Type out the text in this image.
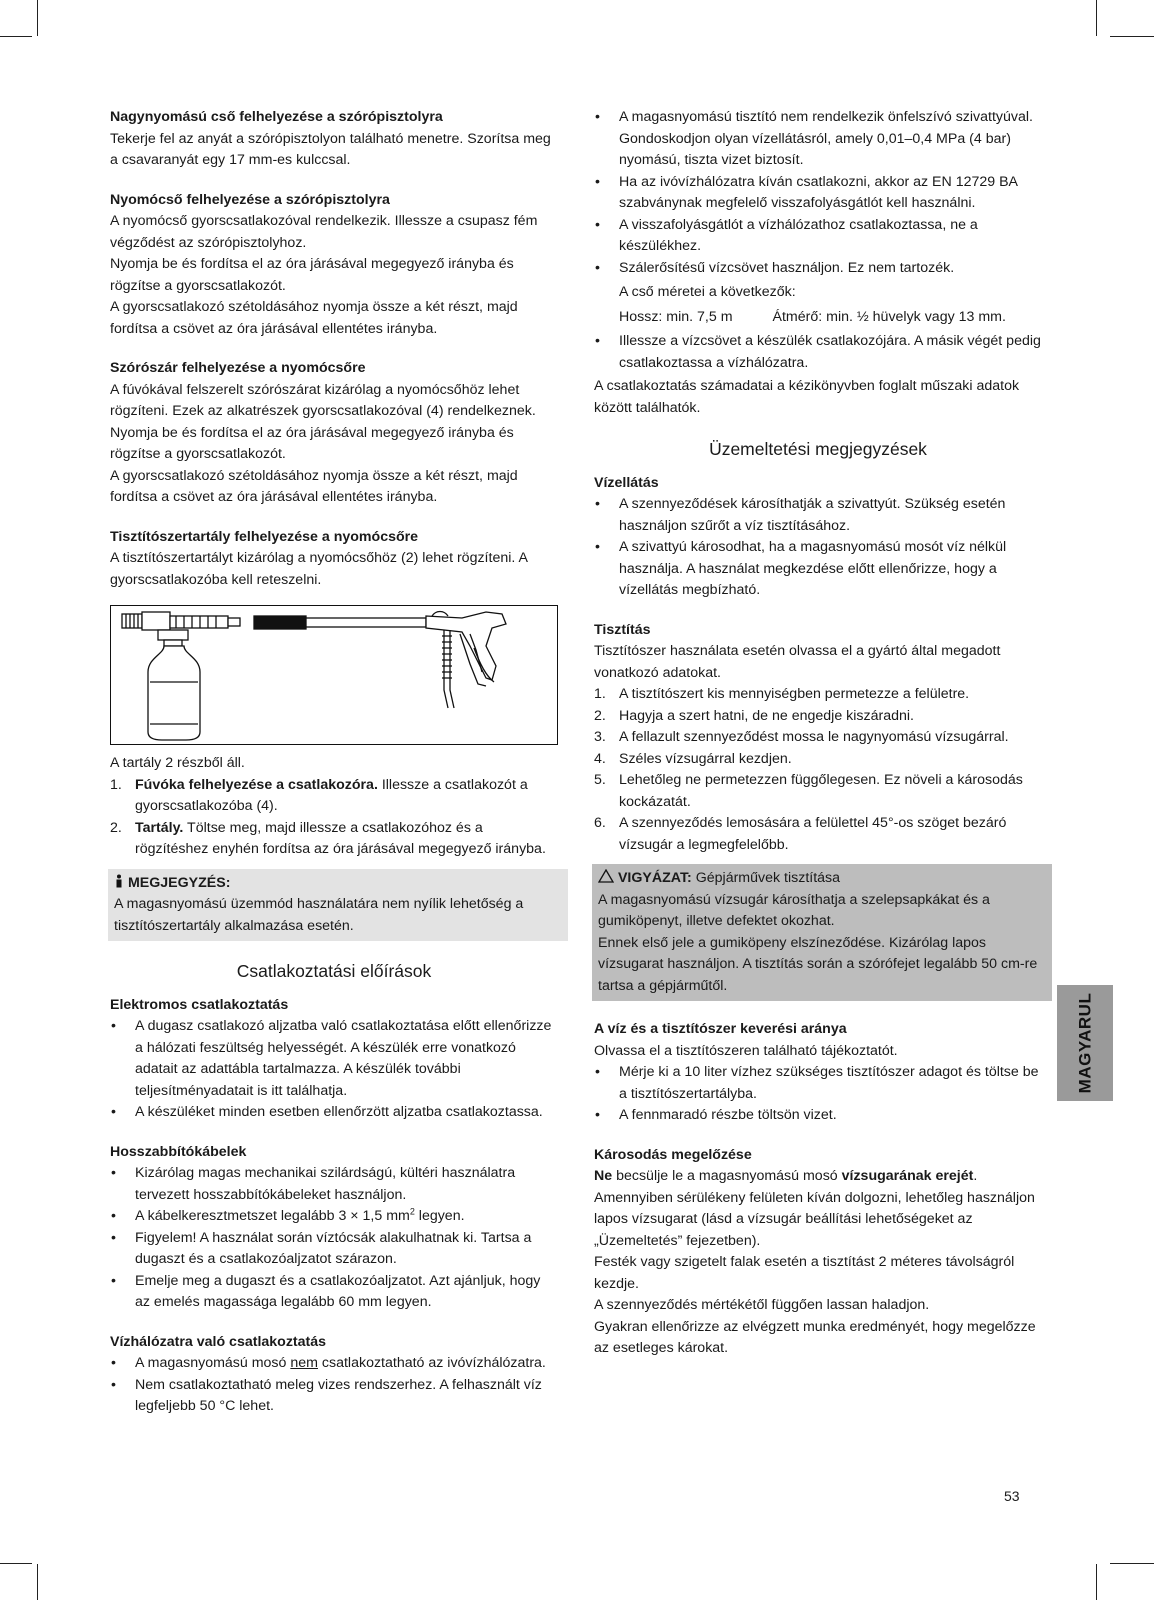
Nagynyomású cső felhelyezése a szórópisztolyra

Tekerje fel az anyát a szórópisztolyon található menetre. Szorítsa meg a csavaranyát egy 17 mm-es kulccsal.

Nyomócső felhelyezése a szórópisztolyra

A nyomócső gyorscsatlakozóval rendelkezik. Illessze a csupasz fém végződést az szórópisztolyhoz.

Nyomja be és fordítsa el az óra járásával megegyező irányba és rögzítse a gyorscsatlakozót.

A gyorscsatlakozó szétoldásához nyomja össze a két részt, majd fordítsa a csövet az óra járásával ellentétes irányba.

Szórószár felhelyezése a nyomócsőre

A fúvókával felszerelt szórószárat kizárólag a nyomócsőhöz lehet rögzíteni. Ezek az alkatrészek gyorscsatlakozóval (4) rendelkeznek.

Nyomja be és fordítsa el az óra járásával megegyező irányba és rögzítse a gyorscsatlakozót.

A gyorscsatlakozó szétoldásához nyomja össze a két részt, majd fordítsa a csövet az óra járásával ellentétes irányba.

Tisztítószertartály felhelyezése a nyomócsőre

A tisztítószertartályt kizárólag a nyomócsőhöz (2) lehet rögzíteni. A gyorscsatlakozóba kell reteszelni.

A tartály 2 részből áll.

1. Fúvóka felhelyezése a csatlakozóra. Illessze a csatlakozót a gyorscsatlakozóba (4).
2. Tartály. Töltse meg, majd illessze a csatlakozóhoz és a rögzítéshez enyhén fordítsa az óra járásával megegyező irányba.

MEGJEGYZÉS:

A magasnyomású üzemmód használatára nem nyílik lehetőség a tisztítószertartály alkalmazása esetén.

Csatlakoztatási előírások

Elektromos csatlakoztatás

• A dugasz csatlakozó aljzatba való csatlakoztatása előtt ellenőrizze a hálózati feszültség helyességét. A készülék erre vonatkozó adatait az adattábla tartalmazza. A készülék további teljesítményadatait is itt találhatja.
• A készüléket minden esetben ellenőrzött aljzatba csatlakoztassa.

Hosszabbítókábelek

• Kizárólag magas mechanikai szilárdságú, kültéri használatra tervezett hosszabbítókábeleket használjon.
• A kábelkeresztmetszet legalább 3 × 1,5 $mm^2$ legyen.
• Figyelem! A használat során víztócsák alakulhatnak ki. Tartsa a dugaszt és a csatlakozóaljzatot szárazon.
• Emelje meg a dugaszt és a csatlakozóaljzatot. Azt ajánljuk, hogy az emelés magassága legalább 60 mm legyen.

Vízhálózatra való csatlakoztatás

• A magasnyomású mosó nem csatlakoztatható az ivóvízhálózatra.
• Nem csatlakoztatható meleg vizes rendszerhez. A felhasznált víz legfeljebb 50 °C lehet.
• A magasnyomású tisztító nem rendelkezik önfelszívó szivattyúval. Gondoskodjon olyan vízellátásról, amely 0,01–0,4 MPa (4 bar) nyomású, tiszta vizet biztosít.
• Ha az ivóvízhálózatra kíván csatlakozni, akkor az EN 12729 BA szabványnak megfelelő visszafolyásgátlót kell használni.
• A visszafolyásgátlót a vízhálózathoz csatlakoztassa, ne a készülékhez.
• Szálerősítésű vízcsövet használjon. Ez nem tartozék.

A cső méretei a következők:

Hossz: min. 7,5 m	Átmérő: min. ½ hüvelyk vagy 13 mm.

• Illessze a vízcsövet a készülék csatlakozójára. A másik végét pedig csatlakoztassa a vízhálózatra.

A csatlakoztatás számadatai a kézikönyvben foglalt műszaki adatok között találhatók.

Üzemeltetési megjegyzések

Vízellátás

• A szennyeződések károsíthatják a szivattyút. Szükség esetén használjon szűrőt a víz tisztításához.
• A szivattyú károsodhat, ha a magasnyomású mosót víz nélkül használja. A használat megkezdése előtt ellenőrizze, hogy a vízellátás megbízható.

Tisztítás

Tisztítószer használata esetén olvassa el a gyártó által megadott vonatkozó adatokat.

1. A tisztítószert kis mennyiségben permetezze a felületre.
2. Hagyja a szert hatni, de ne engedje kiszáradni.
3. A fellazult szennyeződést mossa le nagynyomású vízsugárral.
4. Széles vízsugárral kezdjen.
5. Lehetőleg ne permetezzen függőlegesen. Ez növeli a károsodás kockázatát.
6. A szennyeződés lemosására a felülettel 45°-os szöget bezáró vízsugár a legmegfelelőbb.

VIGYÁZAT: Gépjárművek tisztítása

A magasnyomású vízsugár károsíthatja a szelepsapkákat és a gumiköpenyt, illetve defektet okozhat.

Ennek első jele a gumiköpeny elszíneződése. Kizárólag lapos vízsugarat használjon. A tisztítás során a szórófejet legalább 50 cm-re tartsa a gépjárműtől.

A víz és a tisztítószer keverési aránya

Olvassa el a tisztítószeren található tájékoztatót.

• Mérje ki a 10 liter vízhez szükséges tisztítószer adagot és töltse be a tisztítószertartályba.
• A fennmaradó részbe töltsön vizet.

Károsodás megelőzése

Ne becsülje le a magasnyomású mosó vízsugarának erejét.

Amennyiben sérülékeny felületen kíván dolgozni, lehetőleg használjon lapos vízsugarat (lásd a vízsugár beállítási lehetőségeket az „Üzemeltetés” fejezetben).

Festék vagy szigetelt falak esetén a tisztítást 2 méteres távolságról kezdje.

A szennyeződés mértékétől függően lassan haladjon.

Gyakran ellenőrizze az elvégzett munka eredményét, hogy megelőzze az esetleges károkat.

MAGYARUL
53
